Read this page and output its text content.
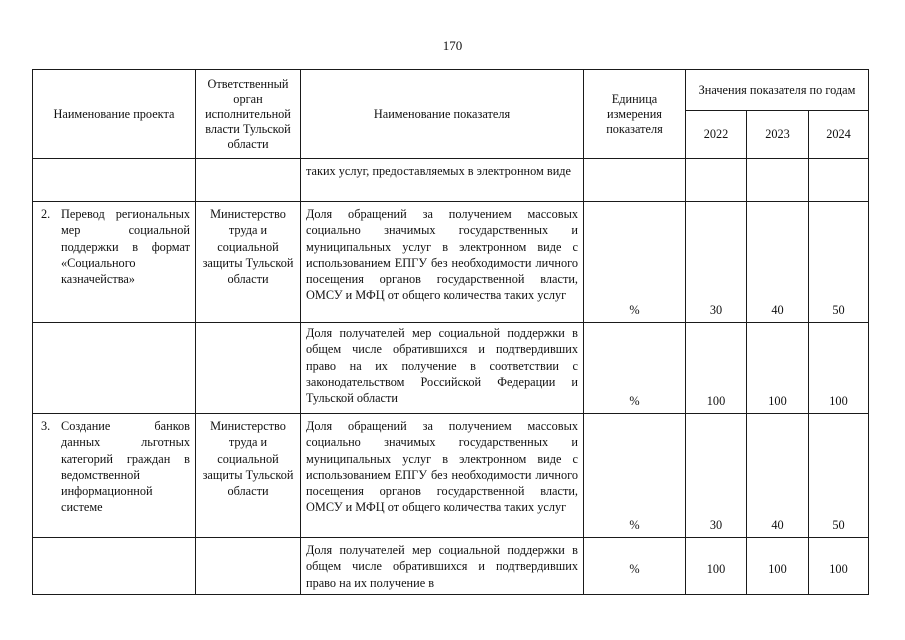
170
Наименование проекта	Ответственный орган исполнительной власти Тульской области	Наименование показателя	Единица измерения показателя	Значения показателя по годам		
				2022	2023	2024
		таких услуг, предоставляемых в электронном виде				

2. Перевод региональных мер социальной поддержки в формат «Социального казначейства»	Министерство труда и социальной защиты Тульской области	Доля обращений за получением массовых социально значимых государственных и муниципальных услуг в электронном виде с использованием ЕПГУ без необходимости личного посещения органов государственной власти, ОМСУ и МФЦ от общего количества таких услуг	%	30	40	50
		Доля получателей мер социальной поддержки в общем числе обратившихся и подтвердивших право на их получение в соответствии с законодательством Российской Федерации и Тульской области	%	100	100	100

3. Создание банков данных льготных категорий граждан в ведомственной информационной системе	Министерство труда и социальной защиты Тульской области	Доля обращений за получением массовых социально значимых государственных и муниципальных услуг в электронном виде с использованием ЕПГУ без необходимости личного посещения органов государственной власти, ОМСУ и МФЦ от общего количества таких услуг	%	30	40	50
		Доля получателей мер социальной поддержки в общем числе обратившихся и подтвердивших право на их получение в	%	100	100	100
